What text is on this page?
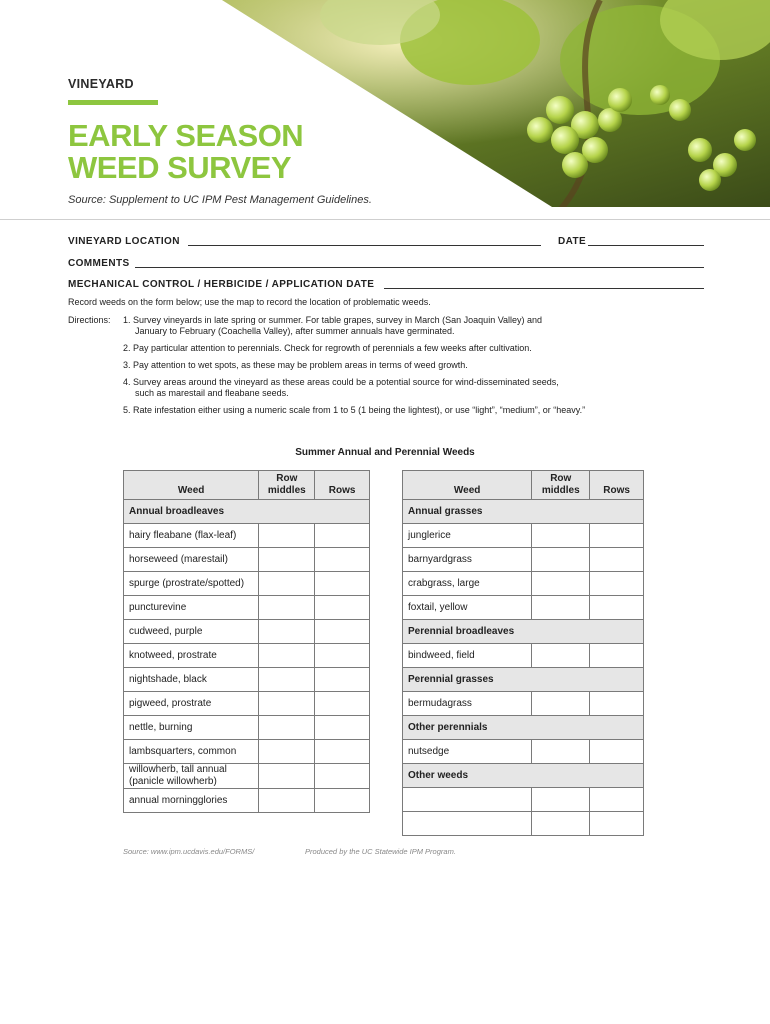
VINEYARD
EARLY SEASON
WEED SURVEY
Source: Supplement to UC IPM Pest Management Guidelines.
VINEYARD LOCATION	DATE
COMMENTS
MECHANICAL CONTROL / HERBICIDE / APPLICATION DATE
Record weeds on the form below; use the map to record the location of problematic weeds.
Directions: 1. Survey vineyards in late spring or summer. For table grapes, survey in March (San Joaquin Valley) and
January to February (Coachella Valley), after summer annuals have germinated.
2. Pay particular attention to perennials. Check for regrowth of perennials a few weeks after cultivation.
3. Pay attention to wet spots, as these may be problem areas in terms of weed growth.
4. Survey areas around the vineyard as these areas could be a potential source for wind-disseminated seeds,
such as marestail and fleabane seeds.
5. Rate infestation either using a numeric scale from 1 to 5 (1 being the lightest), or use “light”, “medium”, or “heavy.”
Summer Annual and Perennial Weeds
Weed	Row middles	Rows
Annual broadleaves		
hairy fleabane (flax-leaf)		
horseweed (marestail)		
spurge (prostrate/spotted)		
puncturevine		
cudweed, purple		
knotweed, prostrate		
nightshade, black		
pigweed, prostrate		
nettle, burning		
lambsquarters, common		
willowherb, tall annual (panicle willowherb)		
annual morningglories		
Weed	Row middles	Rows
Annual grasses		
junglerice		
barnyardgrass		
crabgrass, large		
foxtail, yellow		
Perennial broadleaves		
bindweed, field		
Perennial grasses		
bermudagrass		
Other perennials		
nutsedge		
Other weeds		

Source: www.ipm.ucdavis.edu/FORMS/	Produced by the UC Statewide IPM Program.
